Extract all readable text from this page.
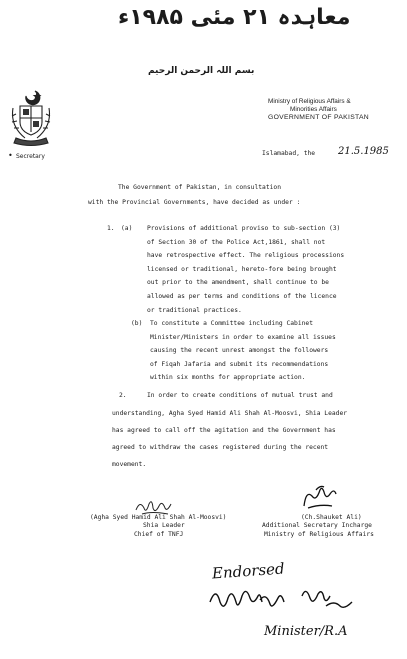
معاہدہ ۲۱ مئی ۱۹۸۵ء
بسم اللہ الرحمن الرحیم
Secretary
•
Ministry of Religious Affairs &
Minorities Affairs
GOVERNMENT OF PAKISTAN
Islamabad, the 21.5.1985
The Government of Pakistan, in consultation
with the Provincial Governments, have decided as under :
1. (a) Provisions of additional proviso to sub-section (3)
of Section 30 of the Police Act,1861, shall not
have retrospective effect. The religious processions
licensed or traditional, hereto-fore being brought
out prior to the amendment, shall continue to be
allowed as per terms and conditions of the licence
or traditional practices.
(b) To constitute a Committee including Cabinet
Minister/Ministers in order to examine all issues
causing the recent unrest amongst the followers
of Fiqah Jafaria and submit its recommendations
within six months for appropriate action.
2.	In order to create conditions of mutual trust and
understanding, Agha Syed Hamid Ali Shah Al-Moosvi, Shia Leader
has agreed to call off the agitation and the Government has
agreed to withdraw the cases registered during the recent
movement.
(Agha Syed Hamid Ali Shah Al-Moosvi)
Shia Leader
Chief of TNFJ
(Ch.Shauket Ali)
Additional Secretary Incharge
Ministry of Religious Affairs
Endorsed
Minister/R.A
